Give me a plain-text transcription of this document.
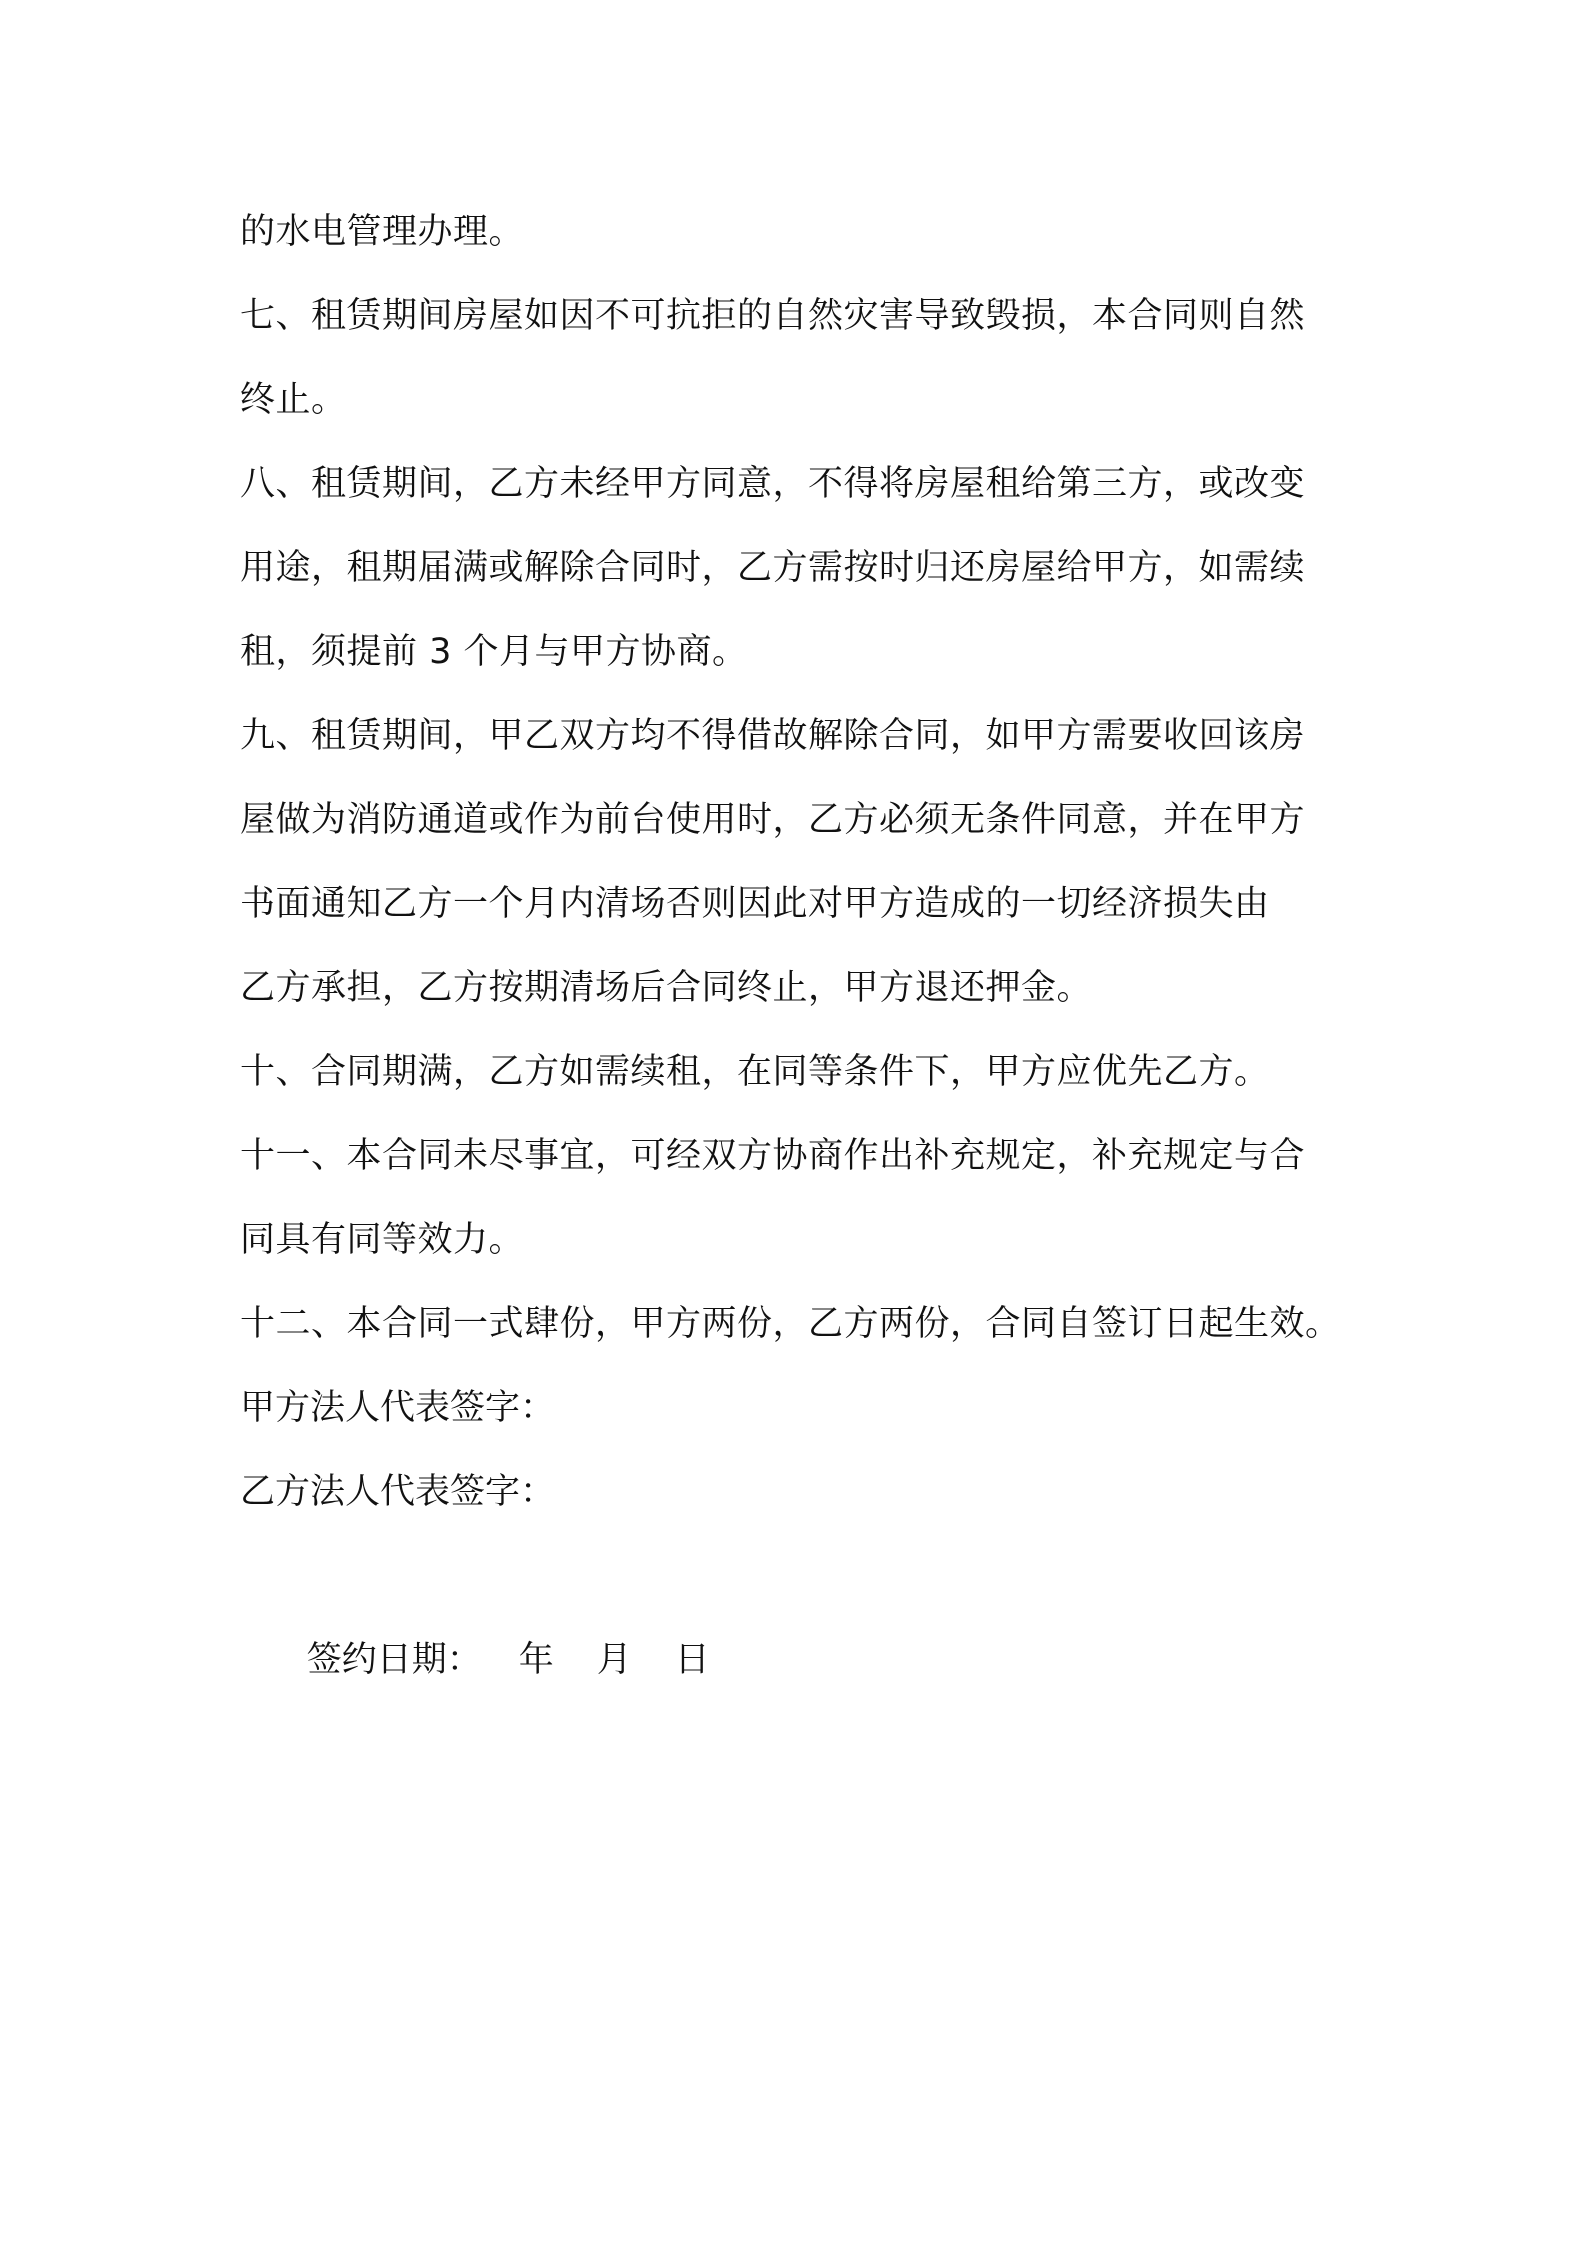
的水电管理办理。
七、租赁期间房屋如因不可抗拒的自然灾害导致毁损，本合同则自然
终止。
八、租赁期间，乙方未经甲方同意，不得将房屋租给第三方，或改变
用途，租期届满或解除合同时，乙方需按时归还房屋给甲方，如需续
租，须提前 3 个月与甲方协商。
九、租赁期间，甲乙双方均不得借故解除合同，如甲方需要收回该房
屋做为消防通道或作为前台使用时，乙方必须无条件同意，并在甲方
书面通知乙方一个月内清场否则因此对甲方造成的一切经济损失由
乙方承担，乙方按期清场后合同终止，甲方退还押金。
十、合同期满，乙方如需续租，在同等条件下，甲方应优先乙方。
十一、本合同未尽事宜，可经双方协商作出补充规定，补充规定与合
同具有同等效力。
十二、本合同一式肆份，甲方两份，乙方两份，合同自签订日起生效。
甲方法人代表签字：
乙方法人代表签字：

签约日期： 年 月 日
